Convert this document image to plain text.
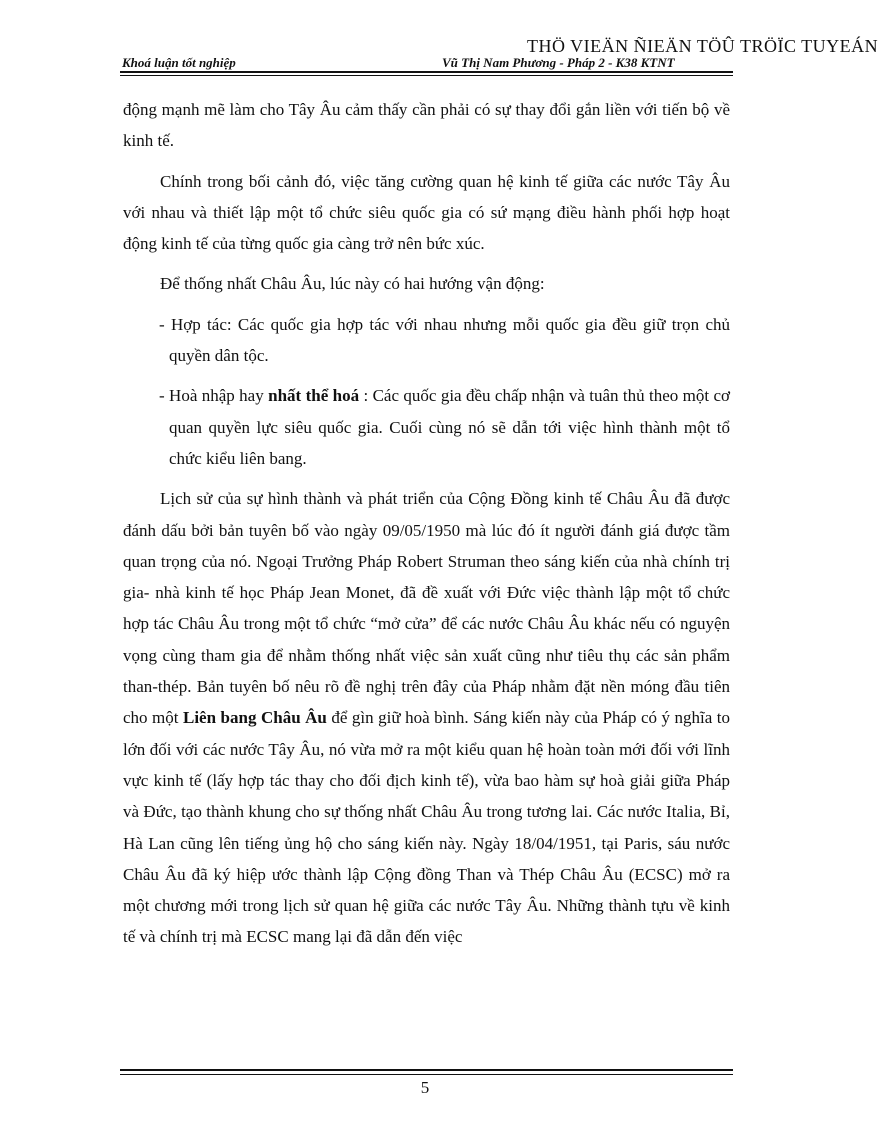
THÖ VIEÄN ÑIEÄN TÖÛ TRÖÏC TUYEÁN
Khoá luận tốt nghiệp	Vũ Thị Nam Phương - Pháp 2 - K38 KTNT

động mạnh mẽ làm cho Tây Âu cảm thấy cần phải có sự thay đổi gắn liền với tiến bộ về kinh tế.

Chính trong bối cảnh đó, việc tăng cường quan hệ kinh tế giữa các nước Tây Âu với nhau và thiết lập một tổ chức siêu quốc gia có sứ mạng điều hành phối hợp hoạt động kinh tế của từng quốc gia càng trở nên bức xúc.

Để thống nhất Châu Âu, lúc này có hai hướng vận động:

- Hợp tác: Các quốc gia hợp tác với nhau nhưng mỗi quốc gia đều giữ trọn chủ quyền dân tộc.

- Hoà nhập hay nhất thể hoá : Các quốc gia đều chấp nhận và tuân thủ theo một cơ quan quyền lực siêu quốc gia. Cuối cùng nó sẽ dẫn tới việc hình thành một tổ chức kiểu liên bang.

Lịch sử của sự hình thành và phát triển của Cộng Đồng kinh tế Châu Âu đã được đánh dấu bởi bản tuyên bố vào ngày 09/05/1950 mà lúc đó ít người đánh giá được tầm quan trọng của nó. Ngoại Trưởng Pháp Robert Struman theo sáng kiến của nhà chính trị gia- nhà kinh tế học Pháp Jean Monet, đã đề xuất với Đức việc thành lập một tổ chức hợp tác Châu Âu trong một tổ chức “mở cửa” để các nước Châu Âu khác nếu có nguyện vọng cùng tham gia để nhằm thống nhất việc sản xuất cũng như tiêu thụ các sản phẩm than-thép. Bản tuyên bố nêu rõ đề nghị trên đây của Pháp nhằm đặt nền móng đầu tiên cho một Liên bang Châu Âu để gìn giữ hoà bình. Sáng kiến này của Pháp có ý nghĩa to lớn đối với các nước Tây Âu, nó vừa mở ra một kiểu quan hệ hoàn toàn mới đối với lĩnh vực kinh tế (lấy hợp tác thay cho đối địch kinh tế), vừa bao hàm sự hoà giải giữa Pháp và Đức, tạo thành khung cho sự thống nhất Châu Âu trong tương lai. Các nước Italia, Bỉ, Hà Lan cũng lên tiếng ủng hộ cho sáng kiến này. Ngày 18/04/1951, tại Paris, sáu nước Châu Âu đã ký hiệp ước thành lập Cộng đồng Than và Thép Châu Âu (ECSC) mở ra một chương mới trong lịch sử quan hệ giữa các nước Tây Âu. Những thành tựu về kinh tế và chính trị mà ECSC mang lại đã dẫn đến việc

5
